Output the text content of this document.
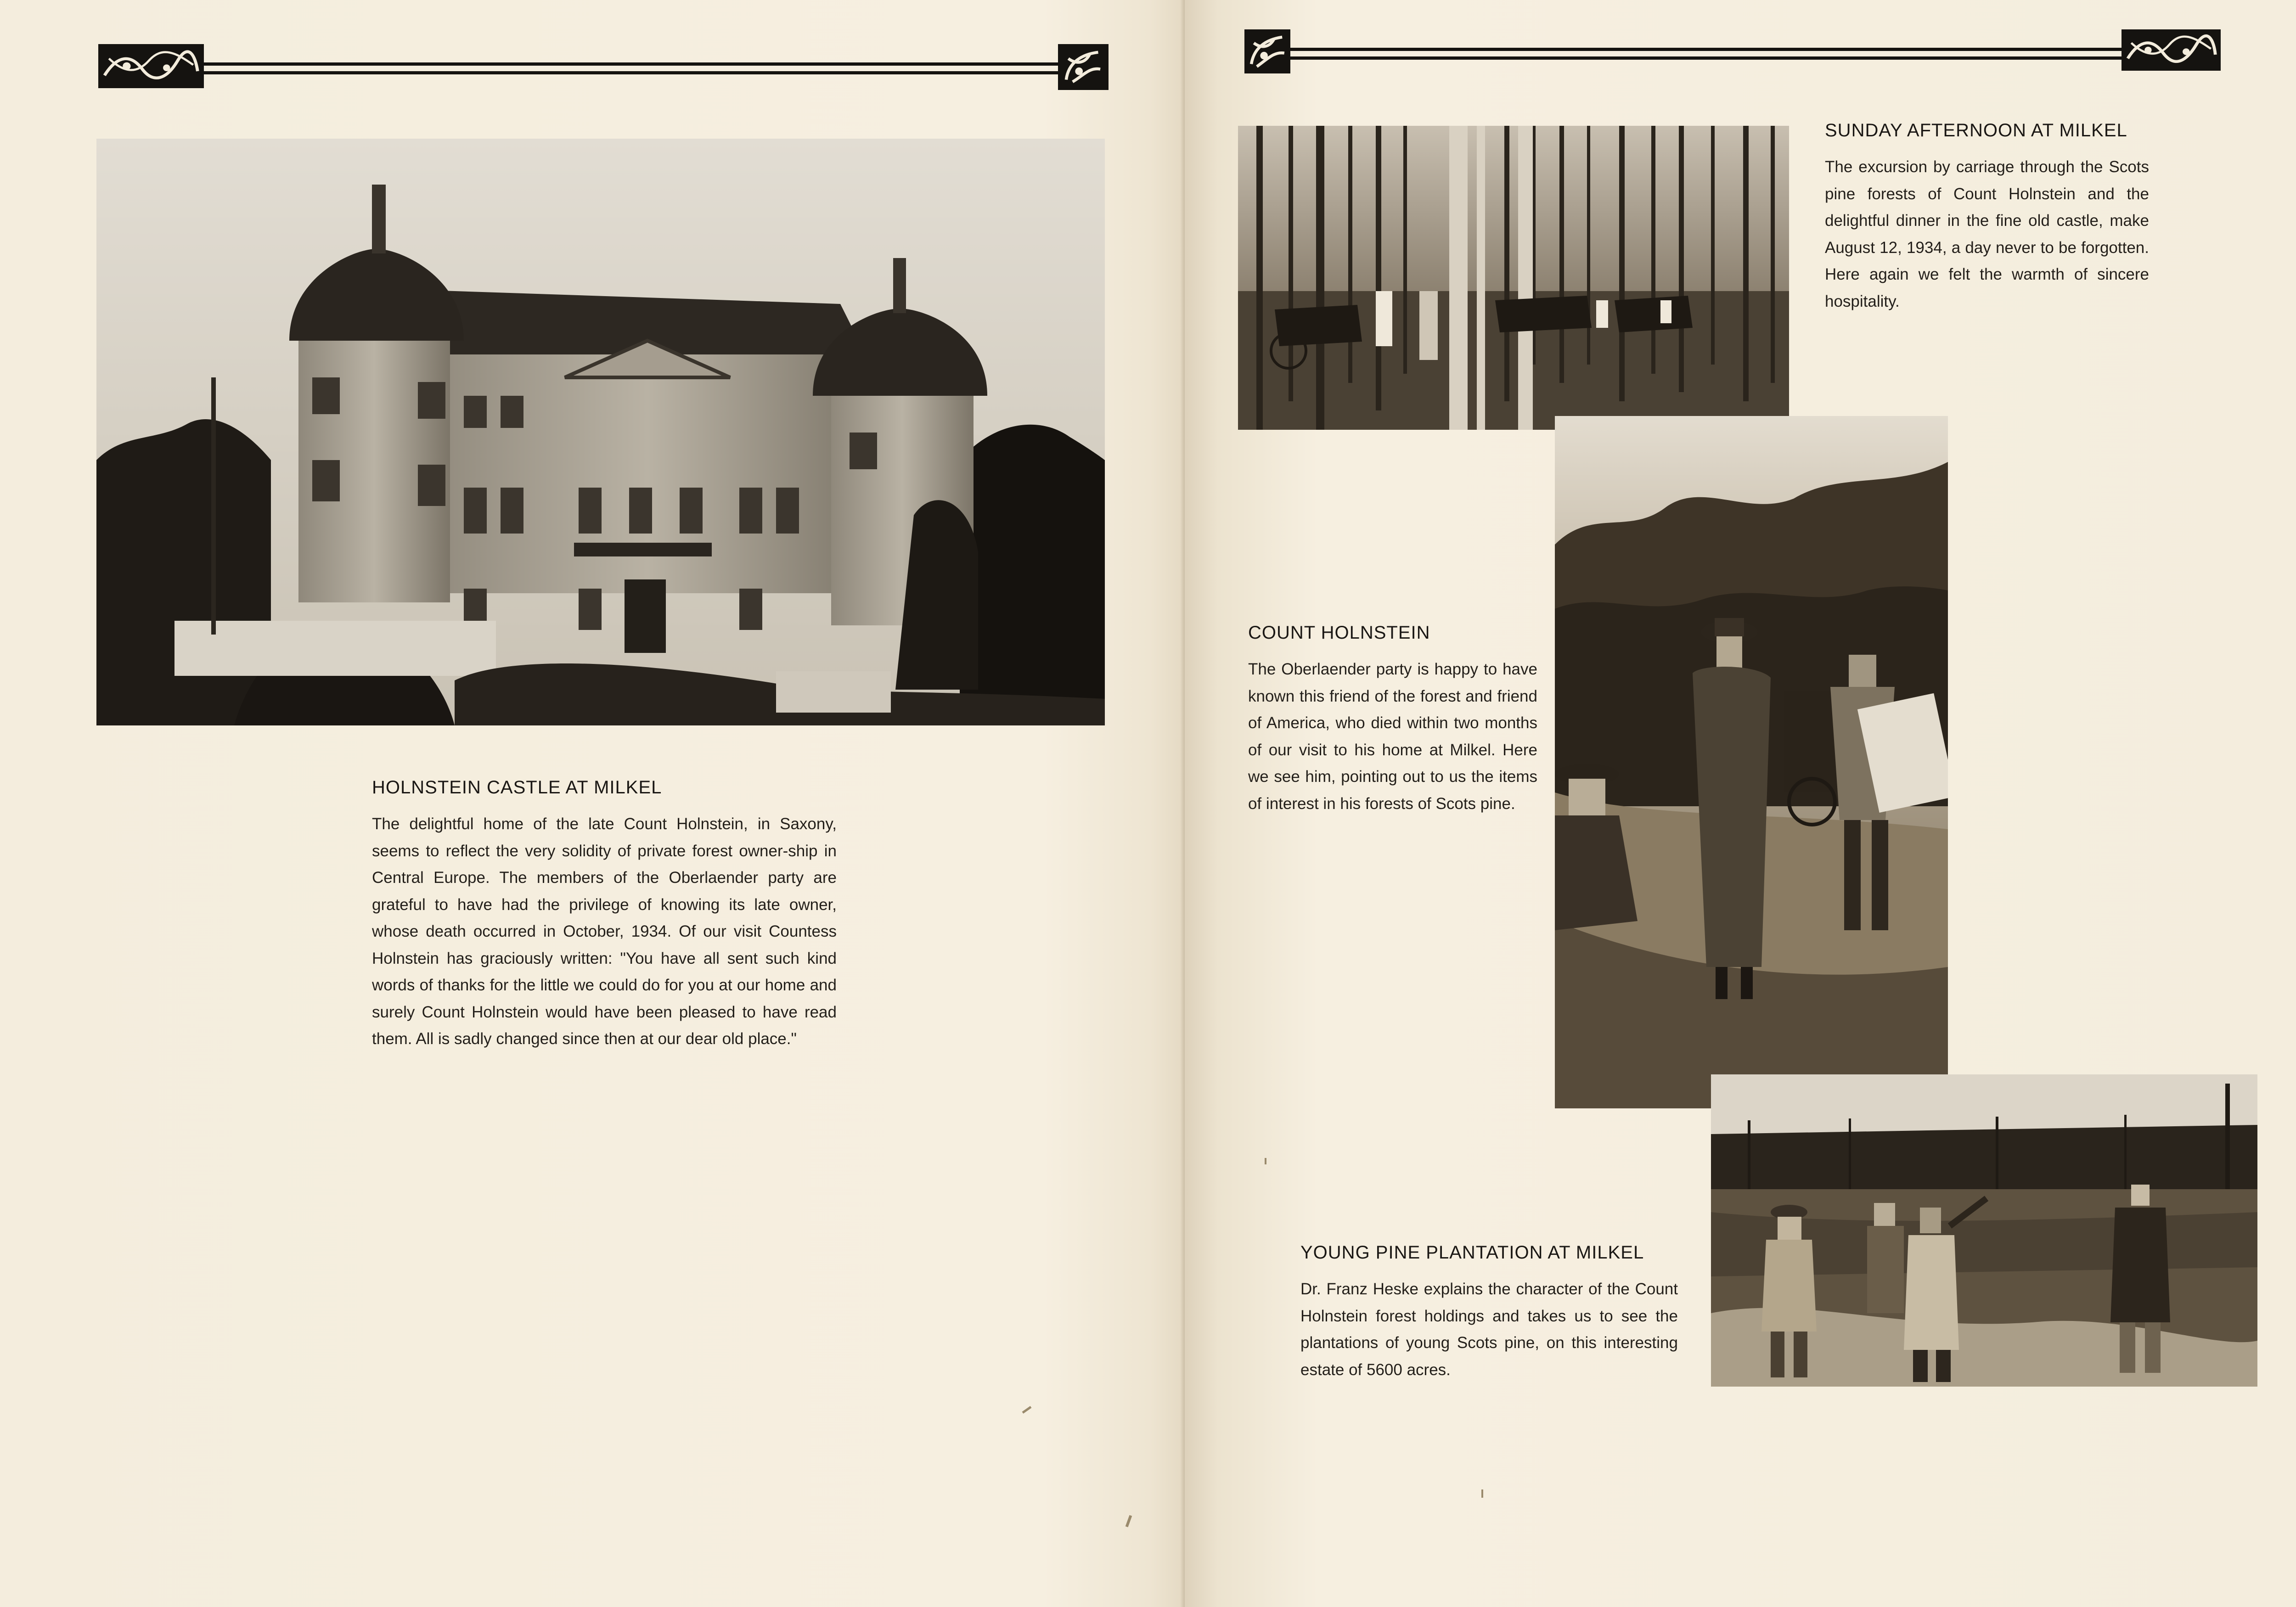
HOLNSTEIN CASTLE AT MILKEL

The delightful home of the late Count Holnstein, in Saxony, seems to reflect the very solidity of private forest owner-ship in Central Europe. The members of the Oberlaender party are grateful to have had the privilege of knowing its late owner, whose death occurred in October, 1934. Of our visit Countess Holnstein has graciously written: "You have all sent such kind words of thanks for the little we could do for you at our home and surely Count Holnstein would have been pleased to have read them. All is sadly changed since then at our dear old place."

SUNDAY AFTERNOON AT MILKEL

The excursion by carriage through the Scots pine forests of Count Holnstein and the delightful dinner in the fine old castle, make August 12, 1934, a day never to be forgotten. Here again we felt the warmth of sincere hospitality.

COUNT HOLNSTEIN

The Oberlaender party is happy to have known this friend of the forest and friend of America, who died within two months of our visit to his home at Milkel. Here we see him, pointing out to us the items of interest in his forests of Scots pine.

YOUNG PINE PLANTATION AT MILKEL

Dr. Franz Heske explains the character of the Count Holnstein forest holdings and takes us to see the plantations of young Scots pine, on this interesting estate of 5600 acres.
